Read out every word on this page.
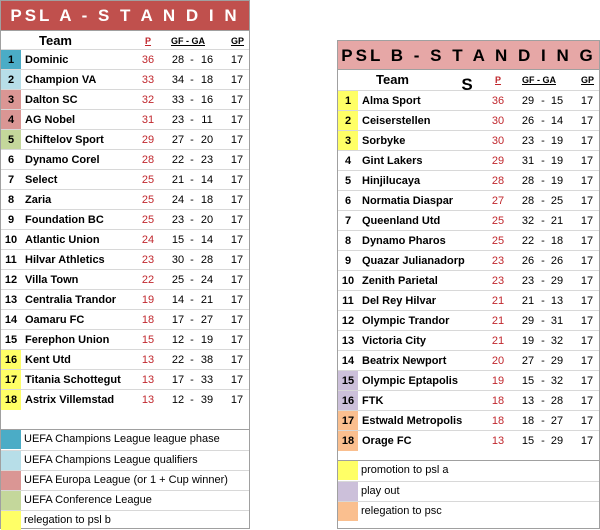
PSL A - S T A N D I N G S
Team	P GF - GA	GP
1 Dominic	36	28 - 16 17
2 Champion VA	33	34 - 18 17
3 Dalton SC	32	33 - 16 17
4 AG Nobel	31	23 - 11 17
5 Chiftelov Sport	29	27 - 20 17
6 Dynamo Corel	28	22 - 23 17
7 Select	25	21 - 14 17
8 Zaria	25	24 - 18 17
9 Foundation BC	25	23 - 20 17
10 Atlantic Union	24	15 - 14 17
11 Hilvar Athletics	23	30 - 28 17
12 Villa Town	22	25 - 24 17
13 Centralia Trandor	19	14 - 21 17
14 Oamaru FC	18	17 - 27 17
15 Ferephon Union	15	12 - 19 17
16 Kent Utd	13	22 - 38 17
17 Titania Schottegut	13	17 - 33 17
18 Astrix Villemstad	13	12 - 39 17
UEFA Champions League league phase
UEFA Champions League qualifiers
UEFA Europa League (or 1 + Cup winner)
UEFA Conference League
relegation to psl b
PSL B - S T A N D I N G S
Team	P GF - GA	GP
1 Alma Sport	36	29 - 15 17
2 Ceiserstellen	30	26 - 14 17
3 Sorbyke	30	23 - 19 17
4 Gint Lakers	29	31 - 19 17
5 Hinjilucaya	28	28 - 19 17
6 Normatia Diaspar	27	28 - 25 17
7 Queenland Utd	25	32 - 21 17
8 Dynamo Pharos	25	22 - 18 17
9 Quazar Julianadorp	23	26 - 26 17
10 Zenith Parietal	23	23 - 29 17
11 Del Rey Hilvar	21	21 - 13 17
12 Olympic Trandor	21	29 - 31 17
13 Victoria City	21	19 - 32 17
14 Beatrix Newport	20	27 - 29 17
15 Olympic Eptapolis	19	15 - 32 17
16 FTK	18	13 - 28 17
17 Estwald Metropolis	18	18 - 27 17
18 Orage FC	13	15 - 29 17
promotion to psl a
play out
relegation to psc
